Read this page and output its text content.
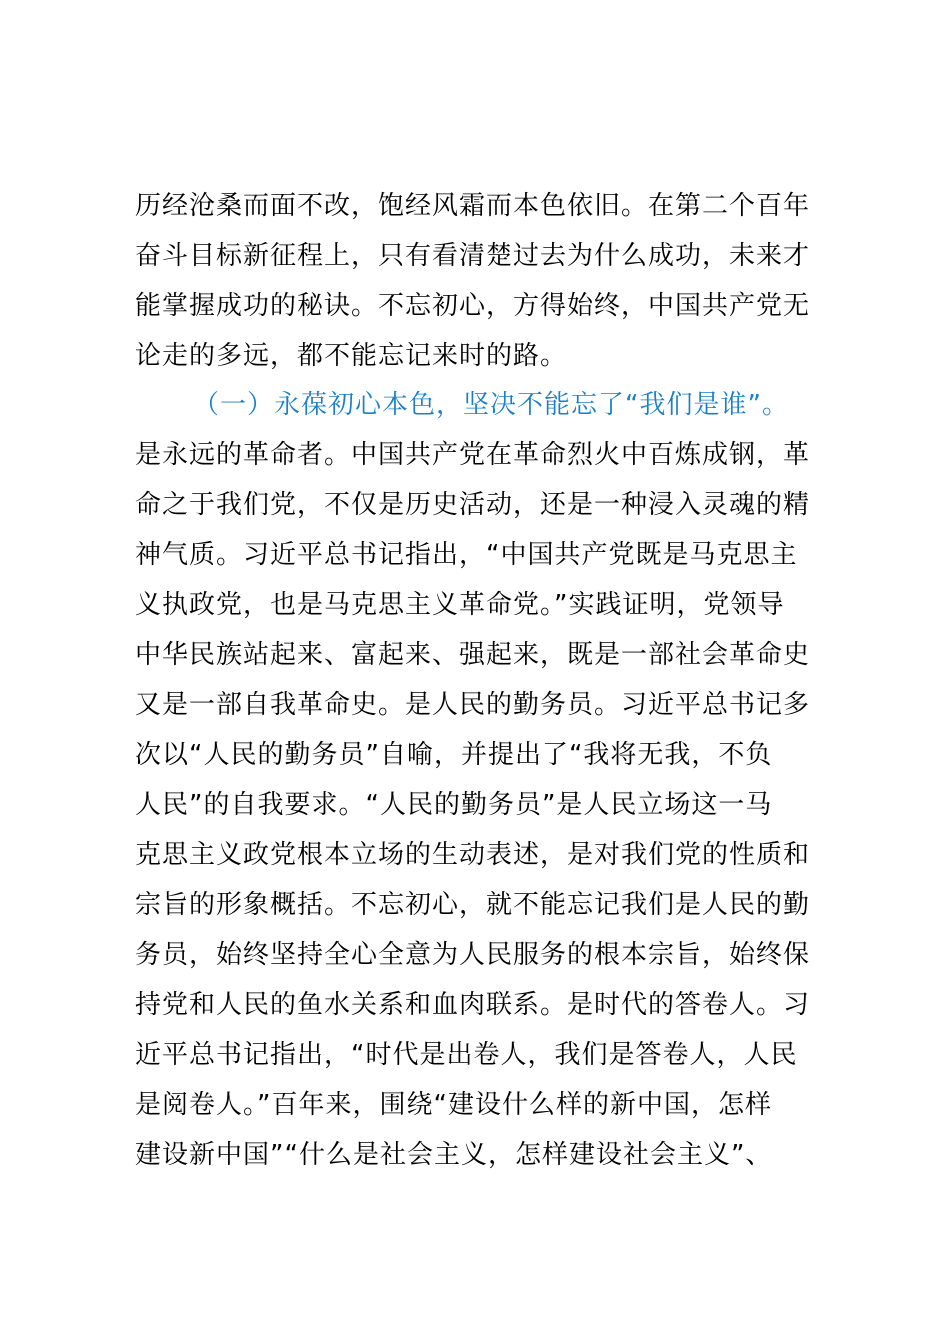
历经沧桑而面不改，饱经风霜而本色依旧。在第二个百年
奋斗目标新征程上，只有看清楚过去为什么成功，未来才
能掌握成功的秘诀。不忘初心，方得始终，中国共产党无
论走的多远，都不能忘记来时的路。
（一）永葆初心本色，坚决不能忘了“我们是谁”。
是永远的革命者。中国共产党在革命烈火中百炼成钢，革
命之于我们党，不仅是历史活动，还是一种浸入灵魂的精
神气质。习近平总书记指出，“中国共产党既是马克思主
义执政党，也是马克思主义革命党。”实践证明，党领导
中华民族站起来、富起来、强起来，既是一部社会革命史
又是一部自我革命史。是人民的勤务员。习近平总书记多
次以“人民的勤务员”自喻，并提出了“我将无我，不负
人民”的自我要求。“人民的勤务员”是人民立场这一马
克思主义政党根本立场的生动表述，是对我们党的性质和
宗旨的形象概括。不忘初心，就不能忘记我们是人民的勤
务员，始终坚持全心全意为人民服务的根本宗旨，始终保
持党和人民的鱼水关系和血肉联系。是时代的答卷人。习
近平总书记指出，“时代是出卷人，我们是答卷人，人民
是阅卷人。”百年来，围绕“建设什么样的新中国，怎样
建设新中国”“什么是社会主义，怎样建设社会主义”、
